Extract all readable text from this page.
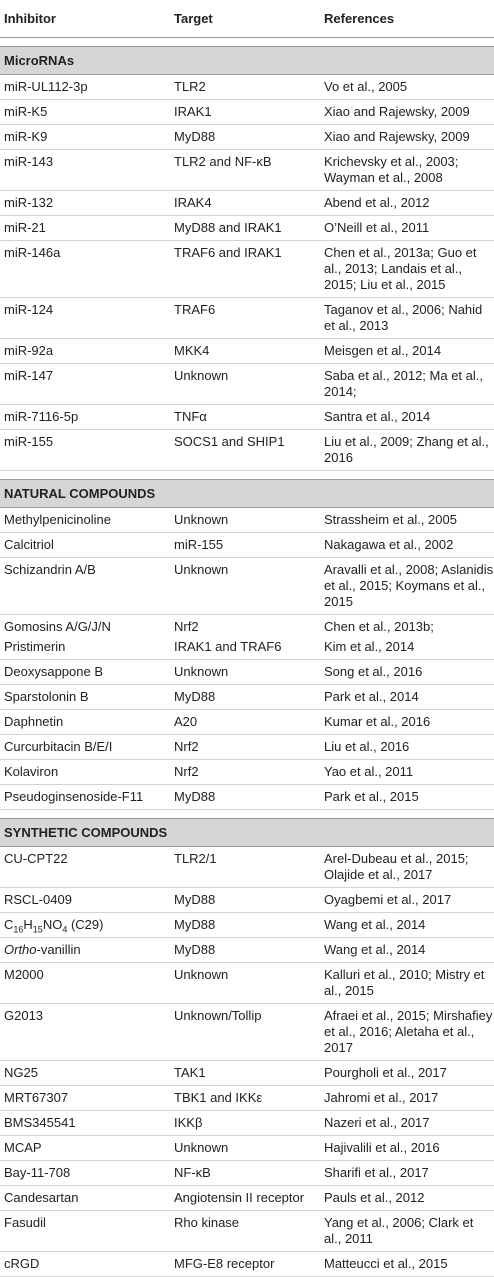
Inhibitor	Target	References

MicroRNAs		
miR-UL112-3p	TLR2	Vo et al., 2005
miR-K5	IRAK1	Xiao and Rajewsky, 2009
miR-K9	MyD88	Xiao and Rajewsky, 2009
miR-143	TLR2 and NF-κB	Krichevsky et al., 2003; Wayman et al., 2008
miR-132	IRAK4	Abend et al., 2012
miR-21	MyD88 and IRAK1	O’Neill et al., 2011
miR-146a	TRAF6 and IRAK1	Chen et al., 2013a; Guo et al., 2013; Landais et al., 2015; Liu et al., 2015
miR-124	TRAF6	Taganov et al., 2006; Nahid et al., 2013
miR-92a	MKK4	Meisgen et al., 2014
miR-147	Unknown	Saba et al., 2012; Ma et al., 2014;
miR-7116-5p	TNFα	Santra et al., 2014
miR-155	SOCS1 and SHIP1	Liu et al., 2009; Zhang et al., 2016

NATURAL COMPOUNDS		
Methylpenicinoline	Unknown	Strassheim et al., 2005
Calcitriol	miR-155	Nakagawa et al., 2002
Schizandrin A/B	Unknown	Aravalli et al., 2008; Aslanidis et al., 2015; Koymans et al., 2015
Gomosins A/G/J/N	Nrf2	Chen et al., 2013b;
Pristimerin	IRAK1 and TRAF6	Kim et al., 2014
Deoxysappone B	Unknown	Song et al., 2016
Sparstolonin B	MyD88	Park et al., 2014
Daphnetin	A20	Kumar et al., 2016
Curcurbitacin B/E/I	Nrf2	Liu et al., 2016
Kolaviron	Nrf2	Yao et al., 2011
Pseudoginsenoside-F11	MyD88	Park et al., 2015

SYNTHETIC COMPOUNDS		
CU-CPT22	TLR2/1	Arel-Dubeau et al., 2015; Olajide et al., 2017
RSCL-0409	MyD88	Oyagbemi et al., 2017
$C_{16}H_{15}NO_4$ (C29)	MyD88	Wang et al., 2014
Ortho-vanillin	MyD88	Wang et al., 2014
M2000	Unknown	Kalluri et al., 2010; Mistry et al., 2015
G2013	Unknown/Tollip	Afraei et al., 2015; Mirshafiey et al., 2016; Aletaha et al., 2017
NG25	TAK1	Pourgholi et al., 2017
MRT67307	TBK1 and IKKε	Jahromi et al., 2017
BMS345541	IKKβ	Nazeri et al., 2017
MCAP	Unknown	Hajivalili et al., 2016
Bay-11-708	NF-κB	Sharifi et al., 2017
Candesartan	Angiotensin II receptor	Pauls et al., 2012
Fasudil	Rho kinase	Yang et al., 2006; Clark et al., 2011
cRGD	MFG-E8 receptor	Matteucci et al., 2015
